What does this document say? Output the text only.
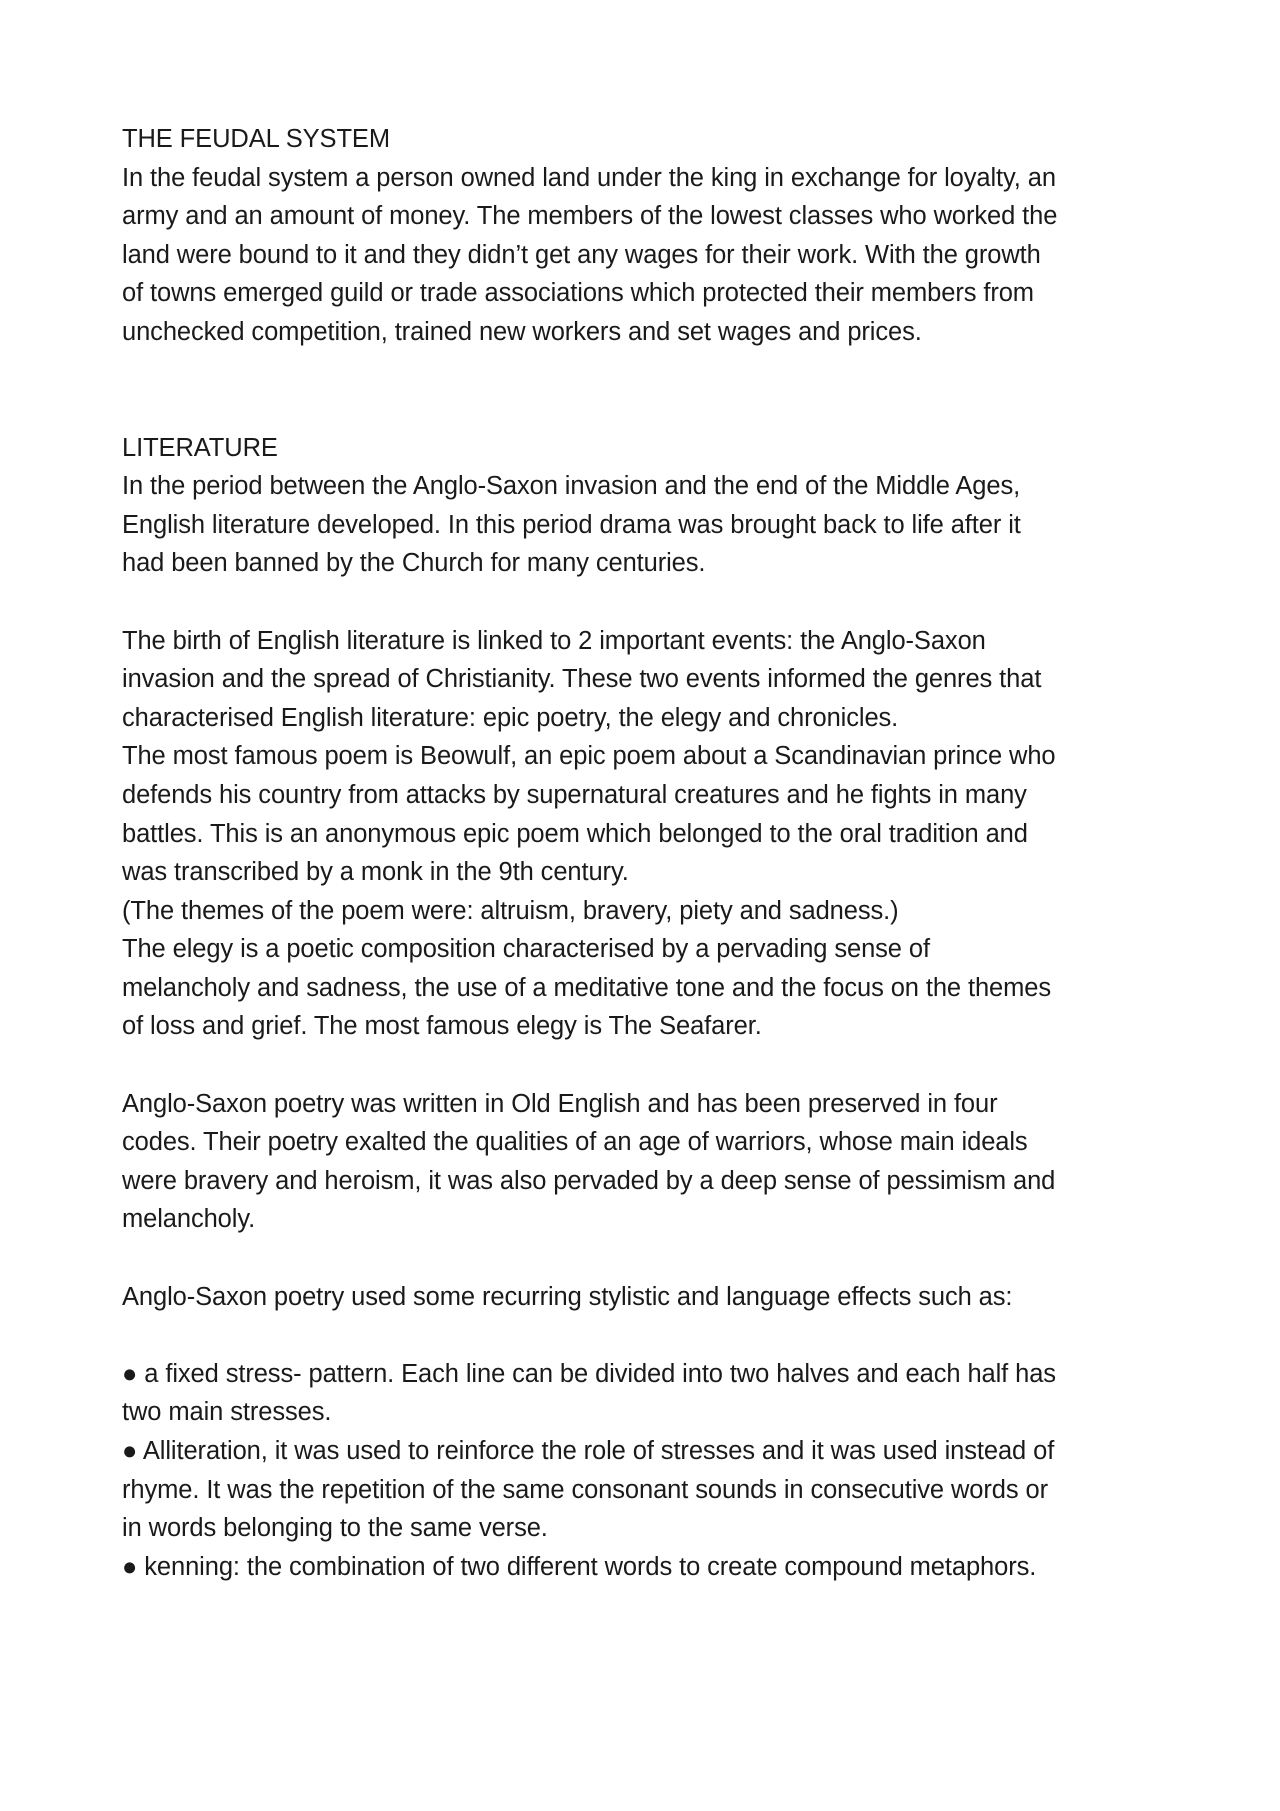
THE FEUDAL SYSTEM
In the feudal system a person owned land under the king in exchange for loyalty, an
army and an amount of money. The members of the lowest classes who worked the
land were bound to it and they didn’t get any wages for their work. With the growth
of towns emerged guild or trade associations which protected their members from
unchecked competition, trained new workers and set wages and prices.
LITERATURE
In the period between the Anglo-Saxon invasion and the end of the Middle Ages,
English literature developed. In this period drama was brought back to life after it
had been banned by the Church for many centuries.
The birth of English literature is linked to 2 important events: the Anglo-Saxon
invasion and the spread of Christianity. These two events informed the genres that
characterised English literature: epic poetry, the elegy and chronicles.
The most famous poem is Beowulf, an epic poem about a Scandinavian prince who
defends his country from attacks by supernatural creatures and he fights in many
battles. This is an anonymous epic poem which belonged to the oral tradition and
was transcribed by a monk in the 9th century.
(The themes of the poem were: altruism, bravery, piety and sadness.)
The elegy is a poetic composition characterised by a pervading sense of
melancholy and sadness, the use of a meditative tone and the focus on the themes
of loss and grief. The most famous elegy is The Seafarer.
Anglo-Saxon poetry was written in Old English and has been preserved in four
codes. Their poetry exalted the qualities of an age of warriors, whose main ideals
were bravery and heroism, it was also pervaded by a deep sense of pessimism and
melancholy.
Anglo-Saxon poetry used some recurring stylistic and language effects such as:
● a fixed stress- pattern. Each line can be divided into two halves and each half has
two main stresses.
● Alliteration, it was used to reinforce the role of stresses and it was used instead of
rhyme. It was the repetition of the same consonant sounds in consecutive words or
in words belonging to the same verse.
● kenning: the combination of two different words to create compound metaphors.
